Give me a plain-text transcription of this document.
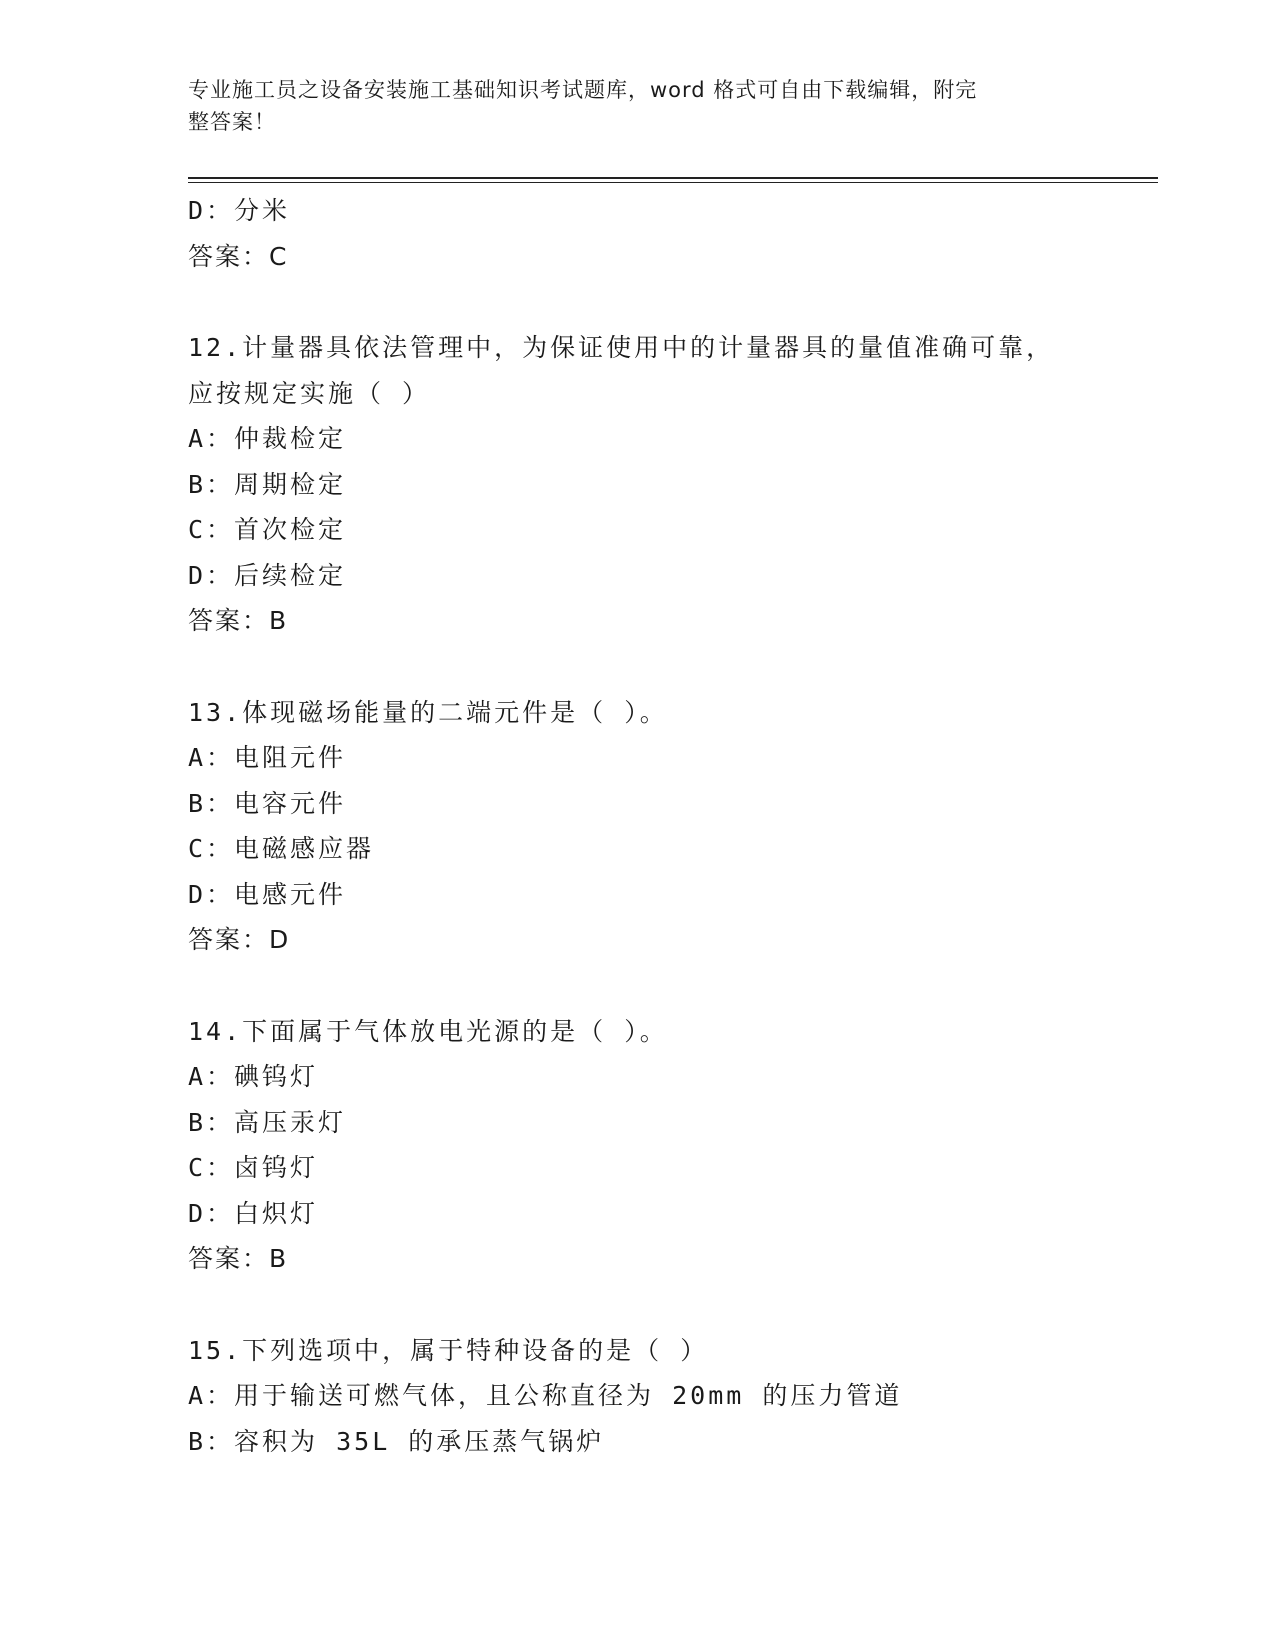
专业施工员之设备安装施工基础知识考试题库，word 格式可自由下载编辑，附完
整答案！
D：分米
答案：C
12.计量器具依法管理中，为保证使用中的计量器具的量值准确可靠，
应按规定实施（ ）
A：仲裁检定
B：周期检定
C：首次检定
D：后续检定
答案：B
13.体现磁场能量的二端元件是（ ）。
A：电阻元件
B：电容元件
C：电磁感应器
D：电感元件
答案：D
14.下面属于气体放电光源的是（ ）。
A：碘钨灯
B：高压汞灯
C：卤钨灯
D：白炽灯
答案：B
15.下列选项中，属于特种设备的是（ ）
A：用于输送可燃气体，且公称直径为 20mm 的压力管道
B：容积为 35L 的承压蒸气锅炉
